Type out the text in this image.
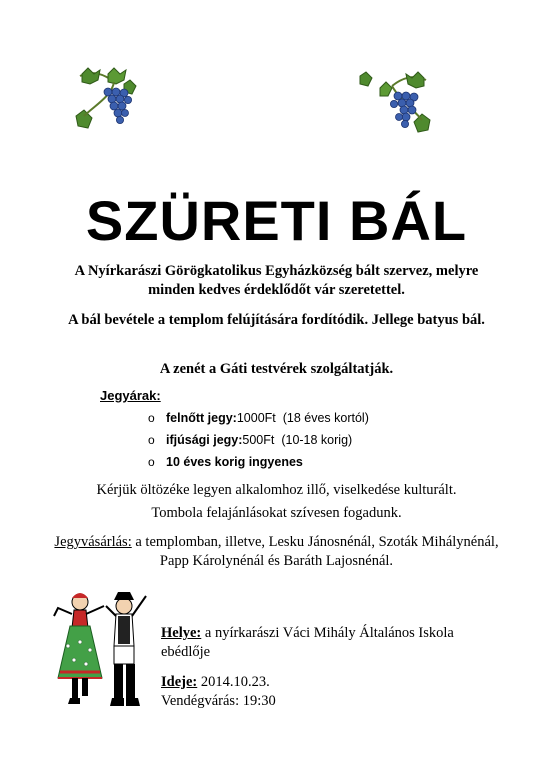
SZÜRETI BÁL
A Nyírkarászi Görögkatolikus Egyházközség bált szervez, melyre minden kedves érdeklődőt vár szeretettel.
A bál bevétele a templom felújítására fordítódik. Jellege batyus bál.
A zenét a Gáti testvérek szolgáltatják.
Jegyárak:
o felnőtt jegy:1000Ft (18 éves kortól)
o ifjúsági jegy:500Ft (10-18 korig)
o 10 éves korig ingyenes
Kérjük öltözéke legyen alkalomhoz illő, viselkedése kulturált.
Tombola felajánlásokat szívesen fogadunk.
Jegyvásárlás: a templomban, illetve, Lesku Jánosnénál, Szoták Mihálynénál, Papp Károlynénál és Baráth Lajosnénál.
Helye: a nyírkarászi Váci Mihály Általános Iskola ebédlője
Ideje: 2014.10.23.
Vendégvárás: 19:30
